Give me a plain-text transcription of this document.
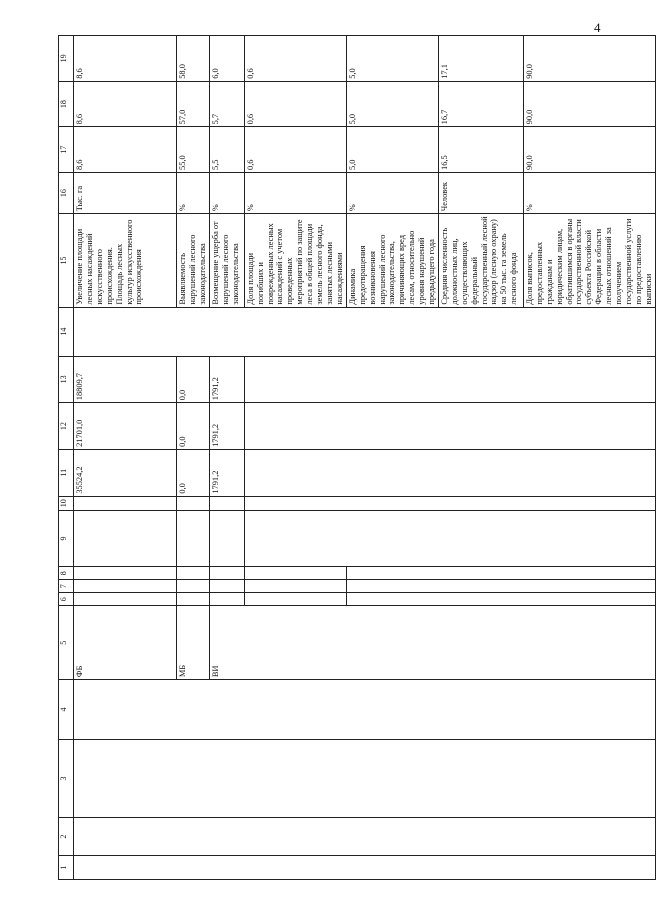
4
1	2	3	4	5	6	7	8	9	10	11	12	13	14	15	16	17	18	19
				ФБ						35524,2	21701,0	18809,7		Увеличение площади лесных насаждений искусственного происхождения. Площадь лесных культур искусственного происхождения	Тыс. га	8,6	8,6	8,6
				МБ						0,0	0,0	0,0		Выявляемость нарушений лесного законодательства	%	55,0	57,0	58,0
				ВИ						1791,2	1791,2	1791,2		Возмещение ущерба от нарушений лесного законодательства	%	5,5	5,7	6,0
														Доля площади погибших и поврежденных лесных насаждений с учетом проведенных мероприятий по защите леса в общей площади земель лесного фонда, занятых лесными насаждениями	%	0,6	0,6	0,6
														Динамика предотвращения возникновения нарушений лесного законодательства, причиняющих вред лесам, относительно уровня нарушений предыдущего года	%	5,0	5,0	5,0
														Средняя численность должностных лиц, осуществляющих федеральный государственный лесной надзор (лесную охрану) на 50 тыс. га земель лесного фонда	Человек	16,5	16,7	17,1
														Доля выписок, предоставленных гражданам и юридическим лицам, обратившимся в органы государственной власти субъекта Российской Федерации в области лесных отношений за получением государственной услуги по предоставлению выписки	%	90,0	90,0	90,0
